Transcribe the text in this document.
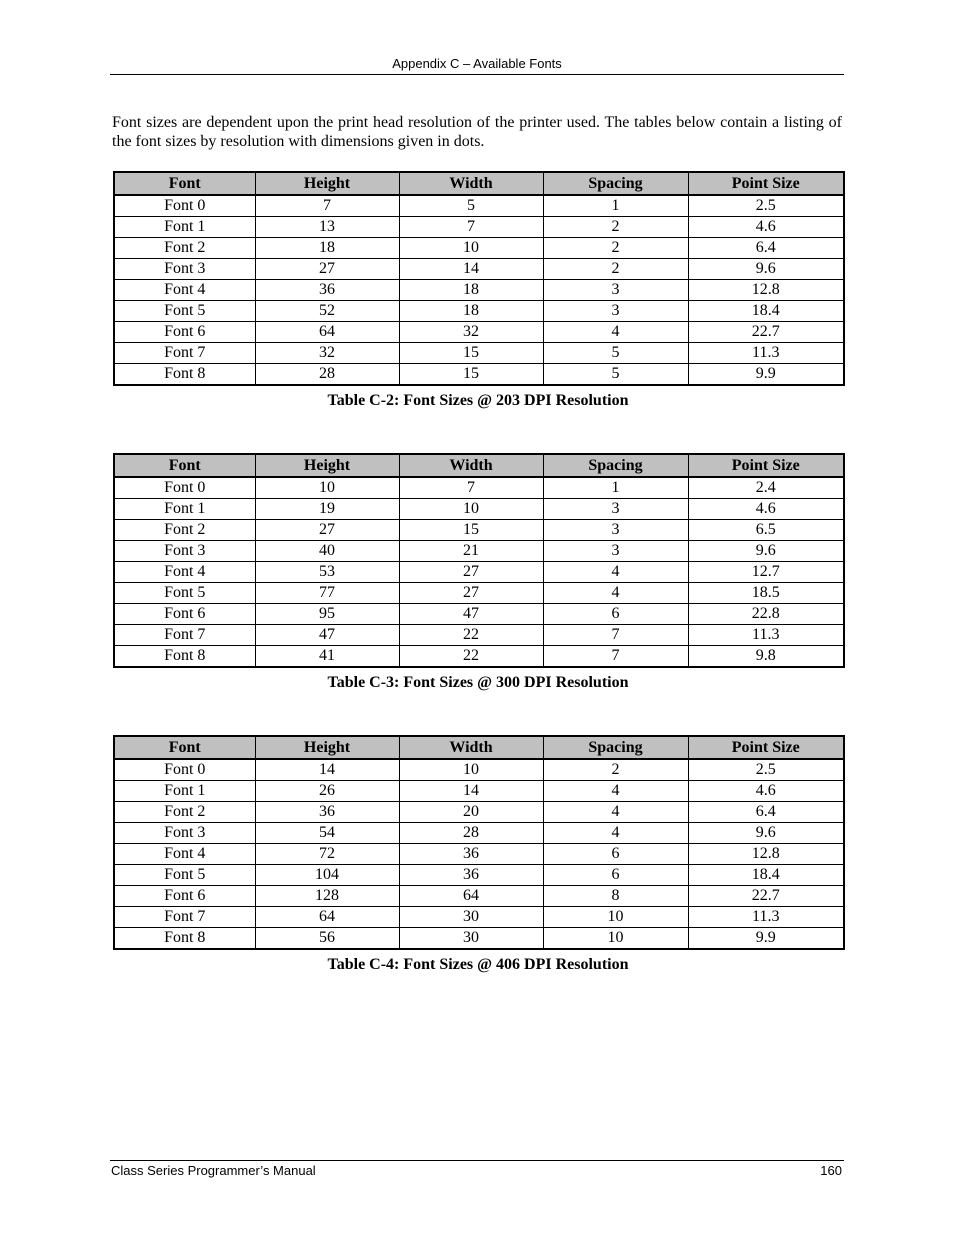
Appendix C – Available Fonts

Font sizes are dependent upon the print head resolution of the printer used. The tables below contain a listing of the font sizes by resolution with dimensions given in dots.

Font	Height	Width	Spacing	Point Size
Font 0	7	5	1	2.5
Font 1	13	7	2	4.6
Font 2	18	10	2	6.4
Font 3	27	14	2	9.6
Font 4	36	18	3	12.8
Font 5	52	18	3	18.4
Font 6	64	32	4	22.7
Font 7	32	15	5	11.3
Font 8	28	15	5	9.9
Table C-2: Font Sizes @ 203 DPI Resolution
Font	Height	Width	Spacing	Point Size
Font 0	10	7	1	2.4
Font 1	19	10	3	4.6
Font 2	27	15	3	6.5
Font 3	40	21	3	9.6
Font 4	53	27	4	12.7
Font 5	77	27	4	18.5
Font 6	95	47	6	22.8
Font 7	47	22	7	11.3
Font 8	41	22	7	9.8
Table C-3: Font Sizes @ 300 DPI Resolution
Font	Height	Width	Spacing	Point Size
Font 0	14	10	2	2.5
Font 1	26	14	4	4.6
Font 2	36	20	4	6.4
Font 3	54	28	4	9.6
Font 4	72	36	6	12.8
Font 5	104	36	6	18.4
Font 6	128	64	8	22.7
Font 7	64	30	10	11.3
Font 8	56	30	10	9.9
Table C-4: Font Sizes @ 406 DPI Resolution
Class Series Programmer’s Manual	160
